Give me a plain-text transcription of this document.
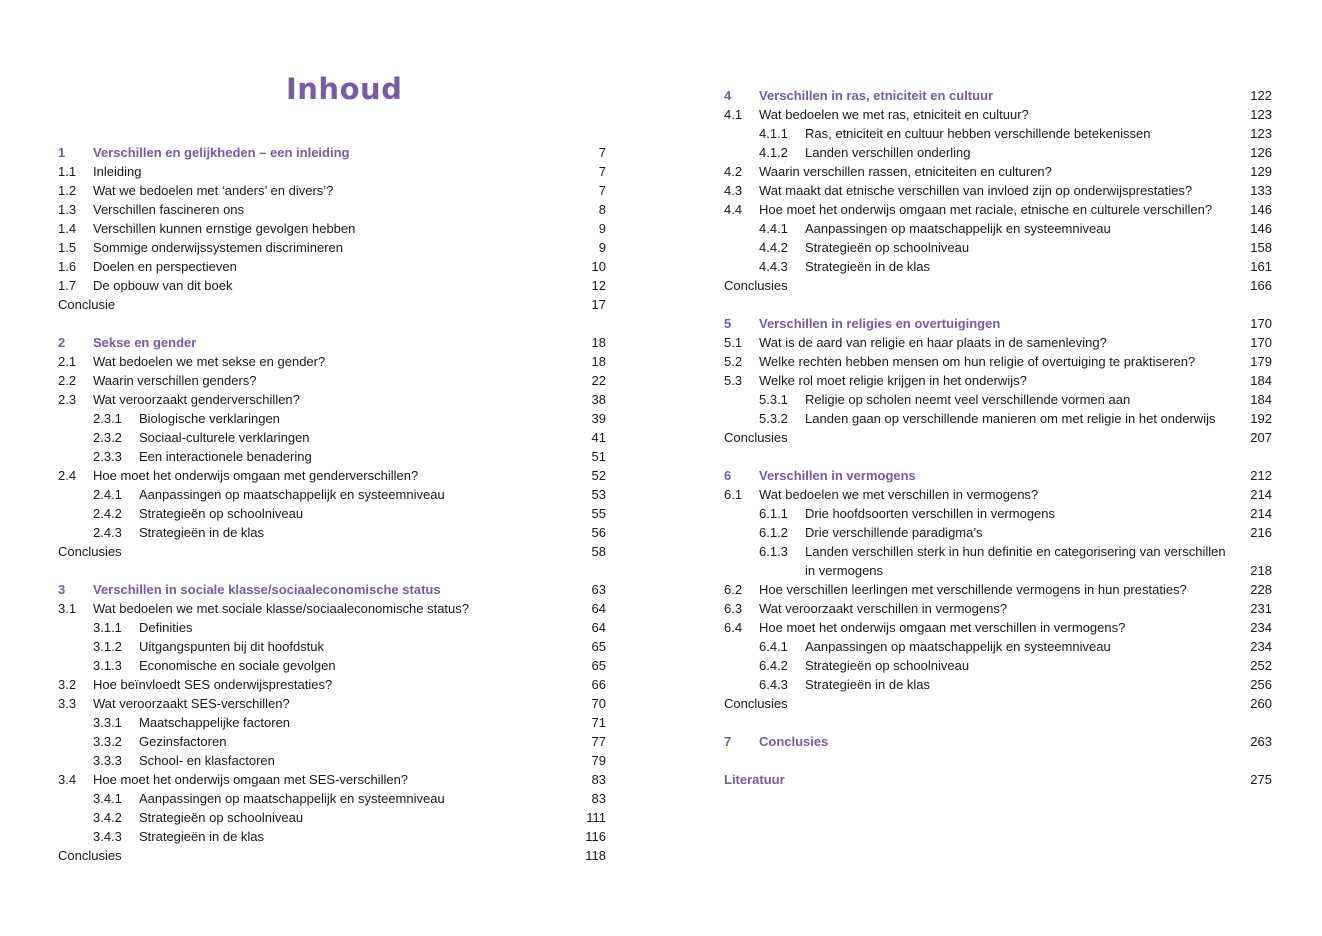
Inhoud
1 Verschillen en gelijkheden – een inleiding	7
1.1 Inleiding	7
1.2 Wat we bedoelen met ‘anders’ en divers’?	7
1.3 Verschillen fascineren ons	8
1.4 Verschillen kunnen ernstige gevolgen hebben	9
1.5 Sommige onderwijssystemen discrimineren	9
1.6 Doelen en perspectieven	10
1.7 De opbouw van dit boek	12
Conclusie	17
2 Sekse en gender	18
2.1 Wat bedoelen we met sekse en gender?	18
2.2 Waarin verschillen genders?	22
2.3 Wat veroorzaakt genderverschillen?	38
2.3.1 Biologische verklaringen	39
2.3.2 Sociaal-culturele verklaringen	41
2.3.3 Een interactionele benadering	51
2.4 Hoe moet het onderwijs omgaan met genderverschillen?	52
2.4.1 Aanpassingen op maatschappelijk en systeemniveau	53
2.4.2 Strategieën op schoolniveau	55
2.4.3 Strategieën in de klas	56
Conclusies	58
3 Verschillen in sociale klasse/sociaaleconomische status	63
3.1 Wat bedoelen we met sociale klasse/sociaaleconomische status?	64
3.1.1 Definities	64
3.1.2 Uitgangspunten bij dit hoofdstuk	65
3.1.3 Economische en sociale gevolgen	65
3.2 Hoe beïnvloedt SES onderwijsprestaties?	66
3.3 Wat veroorzaakt SES-verschillen?	70
3.3.1 Maatschappelijke factoren	71
3.3.2 Gezinsfactoren	77
3.3.3 School- en klasfactoren	79
3.4 Hoe moet het onderwijs omgaan met SES-verschillen?	83
3.4.1 Aanpassingen op maatschappelijk en systeemniveau	83
3.4.2 Strategieën op schoolniveau	111
3.4.3 Strategieën in de klas	116
Conclusies	118
4 Verschillen in ras, etniciteit en cultuur	122
4.1 Wat bedoelen we met ras, etniciteit en cultuur?	123
4.1.1 Ras, etniciteit en cultuur hebben verschillende betekenissen	123
4.1.2 Landen verschillen onderling	126
4.2 Waarin verschillen rassen, etniciteiten en culturen?	129
4.3 Wat maakt dat etnische verschillen van invloed zijn op onderwijsprestaties?	133
4.4 Hoe moet het onderwijs omgaan met raciale, etnische en culturele verschillen?	146
4.4.1 Aanpassingen op maatschappelijk en systeemniveau	146
4.4.2 Strategieën op schoolniveau	158
4.4.3 Strategieën in de klas	161
Conclusies	166
5 Verschillen in religies en overtuigingen	170
5.1 Wat is de aard van religie en haar plaats in de samenleving?	170
5.2 Welke rechten hebben mensen om hun religie of overtuiging te praktiseren?	179
5.3 Welke rol moet religie krijgen in het onderwijs?	184
5.3.1 Religie op scholen neemt veel verschillende vormen aan	184
5.3.2 Landen gaan op verschillende manieren om met religie in het onderwijs	192
Conclusies	207
6 Verschillen in vermogens	212
6.1 Wat bedoelen we met verschillen in vermogens?	214
6.1.1 Drie hoofdsoorten verschillen in vermogens	214
6.1.2 Drie verschillende paradigma’s	216
6.1.3 Landen verschillen sterk in hun definitie en categorisering van verschillen
in vermogens	218
6.2 Hoe verschillen leerlingen met verschillende vermogens in hun prestaties?	228
6.3 Wat veroorzaakt verschillen in vermogens?	231
6.4 Hoe moet het onderwijs omgaan met verschillen in vermogens?	234
6.4.1 Aanpassingen op maatschappelijk en systeemniveau	234
6.4.2 Strategieën op schoolniveau	252
6.4.3 Strategieën in de klas	256
Conclusies	260
7 Conclusies	263
Literatuur	275
